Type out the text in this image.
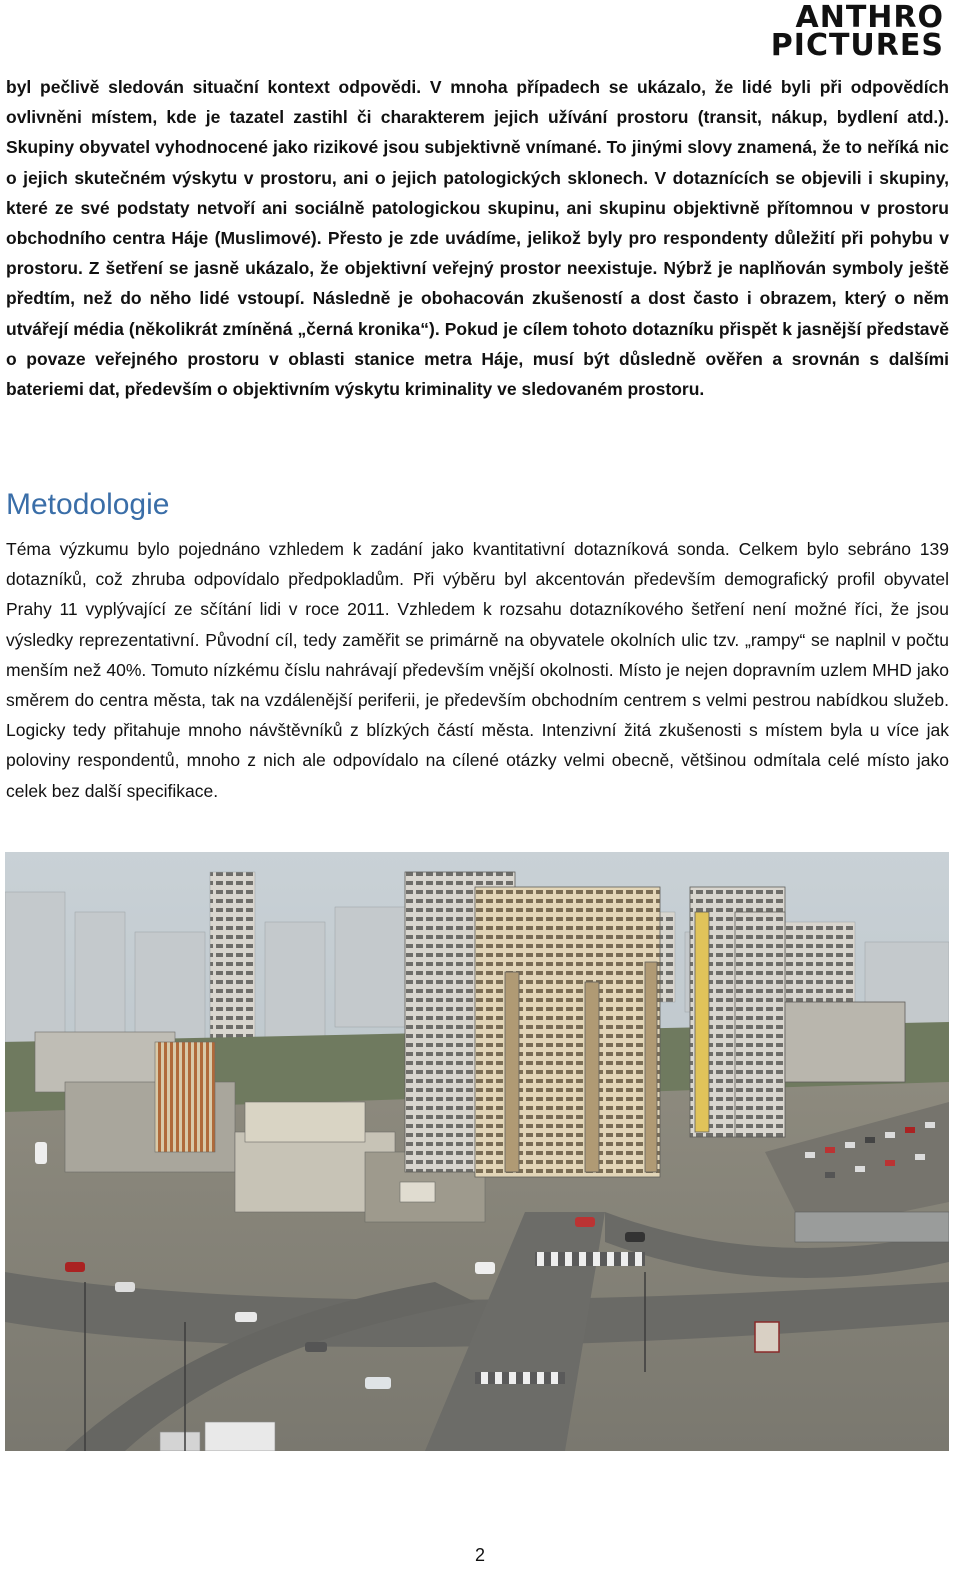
ANTHRO
PICTURES

byl pečlivě sledován situační kontext odpovědi. V mnoha případech se ukázalo, že lidé byli při odpovědích ovlivněni místem, kde je tazatel zastihl či charakterem jejich užívání prostoru (transit, nákup, bydlení atd.). Skupiny obyvatel vyhodnocené jako rizikové jsou subjektivně vnímané. To jinými slovy znamená, že to neříká nic o jejich skutečném výskytu v prostoru, ani o jejich patologických sklonech. V dotaznících se objevili i skupiny, které ze své podstaty netvoří ani sociálně patologickou skupinu, ani skupinu objektivně přítomnou v prostoru obchodního centra Háje (Muslimové). Přesto je zde uvádíme, jelikož byly pro respondenty důležití při pohybu v prostoru. Z šetření se jasně ukázalo, že objektivní veřejný prostor neexistuje. Nýbrž je naplňován symboly ještě předtím, než do něho lidé vstoupí. Následně je obohacován zkušeností a dost často i obrazem, který o něm utvářejí média (několikrát zmíněná „černá kronika“). Pokud je cílem tohoto dotazníku přispět k jasnější představě o povaze veřejného prostoru v oblasti stanice metra Háje, musí být důsledně ověřen a srovnán s dalšími bateriemi dat, především o objektivním výskytu kriminality ve sledovaném prostoru.

Metodologie

Téma výzkumu bylo pojednáno vzhledem k zadání jako kvantitativní dotazníková sonda. Celkem bylo sebráno 139 dotazníků, což zhruba odpovídalo předpokladům. Při výběru byl akcentován především demografický profil obyvatel Prahy 11 vyplývající ze sčítání lidi v roce 2011. Vzhledem k rozsahu dotazníkového šetření není možné říci, že jsou výsledky reprezentativní. Původní cíl, tedy zaměřit se primárně na obyvatele okolních ulic tzv. „rampy“ se naplnil v počtu menším než 40%. Tomuto nízkému číslu nahrávají především vnější okolnosti. Místo je nejen dopravním uzlem MHD jako směrem do centra města, tak na vzdálenější periferii, je především obchodním centrem s velmi pestrou nabídkou služeb. Logicky tedy přitahuje mnoho návštěvníků z blízkých částí města. Intenzivní žitá zkušenosti s místem byla u více jak poloviny respondentů, mnoho z nich ale odpovídalo na cílené otázky velmi obecně, většinou odmítala celé místo jako celek bez další specifikace.

2
